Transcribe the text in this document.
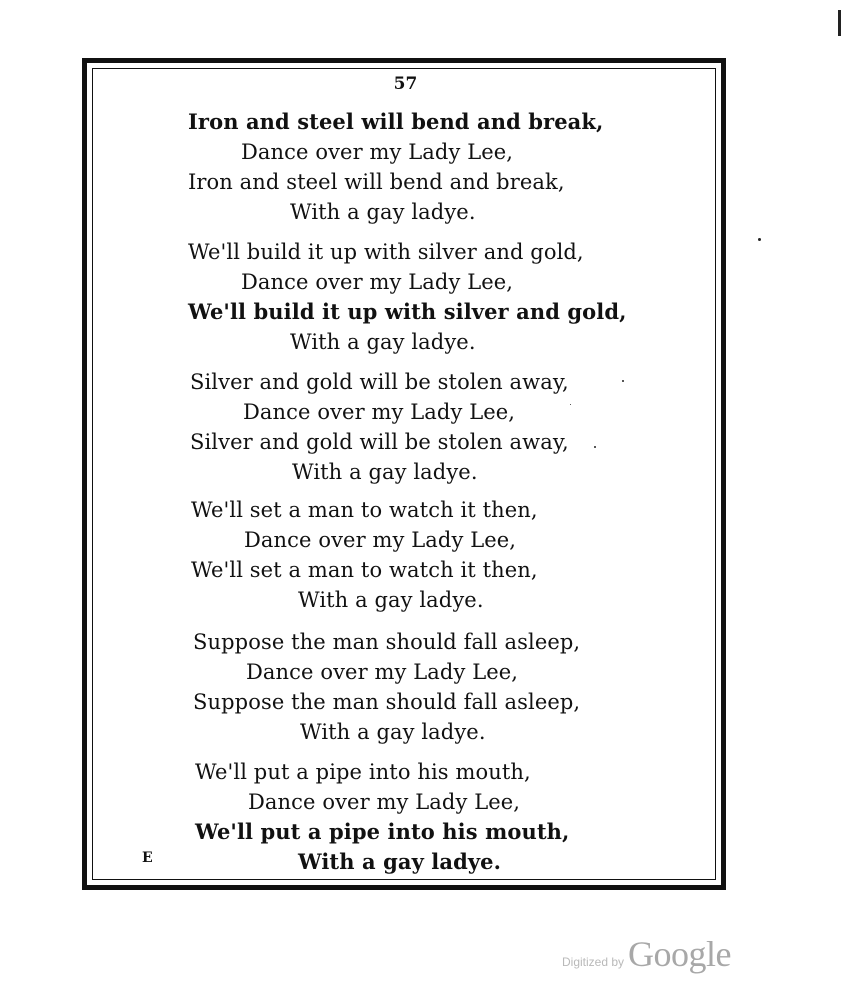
57
Iron and steel will bend and break,
Dance over my Lady Lee,
Iron and steel will bend and break,
With a gay ladye.
We'll build it up with silver and gold,
Dance over my Lady Lee,
We'll build it up with silver and gold,
With a gay ladye.
Silver and gold will be stolen away,
Dance over my Lady Lee,
Silver and gold will be stolen away,
With a gay ladye.
We'll set a man to watch it then,
Dance over my Lady Lee,
We'll set a man to watch it then,
With a gay ladye.
Suppose the man should fall asleep,
Dance over my Lady Lee,
Suppose the man should fall asleep,
With a gay ladye.
We'll put a pipe into his mouth,
Dance over my Lady Lee,
We'll put a pipe into his mouth,
With a gay ladye.
E
Digitized by Google
